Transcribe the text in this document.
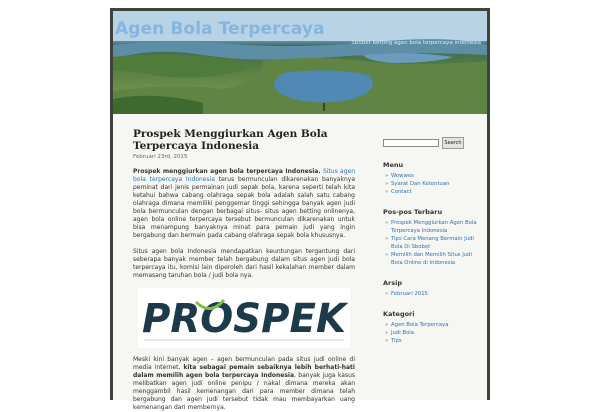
Agen Bola Terpercaya
Sbobet betting agen bola terpercaya indonesia
Prospek Menggiurkan Agen Bola Terpercaya Indonesia
Februari 23rd, 2015

Prospek menggiurkan agen bola terpercaya Indonesia. Situs agen bola terpercaya Indonesia terus bermunculan dikarenakan banyaknya peminat dari jenis permainan judi sepak bola, karena seperti telah kita ketahui bahwa cabang olahraga sepak bola adalah salah satu cabang olahraga dimana memiliki penggemar tinggi sehingga banyak agen judi bola bermunculan dengan berbagai situs- situs agen betting onlinenya, agen bola online terpercaya tersebut bermunculan dikarenakan untuk bisa menampung banyaknya minat para pemain judi yang ingin bergabung dan bermain pada cabang olahraga sepak bola khususnya.

Situs agen bola Indonesia mendapatkan keuntungan tergantung dari seberapa banyak member telah bergabung dalam situs agen judi bola terpercaya itu, komisi lain diperoleh dari hasil kekalahan member dalam memasang taruhan bola / judi bola nya.

PROSPEK

Meski kini banyak agen – agen bermunculan pada situs judi online di media internet, kita sebagai pemain sebaiknya lebih berhati-hati dalam memilih agen bola terpercaya Indonesia, banyak juga kasus melibatkan agen judi online penipu / nakal dimana mereka akan menggambil hasil kemenangan dari para member dimana telah bergabung dan agen judi tersebut tidak mau membayarkan uang kemenangan dari membernya.

Search
Menu
» Wowwes
» Syarat Dan Ketentuan
» Contact
Pos-pos Terbaru
» Prospek Menggiurkan Agen Bola Terpercaya Indonesia
» Tips Cara Menang Bermain Judi Bola Di Sbobet
» Memilih dan Memilih Situs Judi Bola Online di Indonesia
Arsip
» Februari 2015
Kategori
» Agen Bola Terpercaya
» Judi Bola
» Tips
